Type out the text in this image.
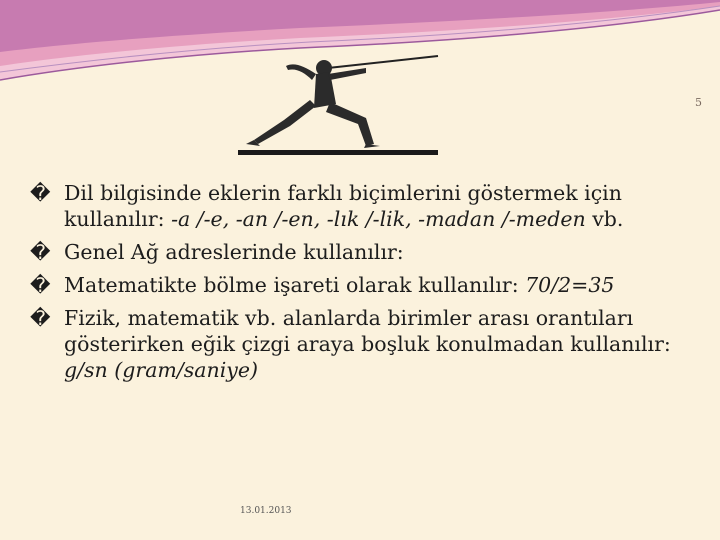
5
� Dil bilgisinde eklerin farklı biçimlerini göstermek için kullanılır: -a /-e, -an /-en, -lık /-lik, -madan /-meden vb.
� Genel Ağ adreslerinde kullanılır:
� Matematikte bölme işareti olarak kullanılır: 70/2=35
� Fizik, matematik vb. alanlarda birimler arası orantıları gösterirken eğik çizgi araya boşluk konulmadan kullanılır: g/sn (gram/saniye)
13.01.2013
